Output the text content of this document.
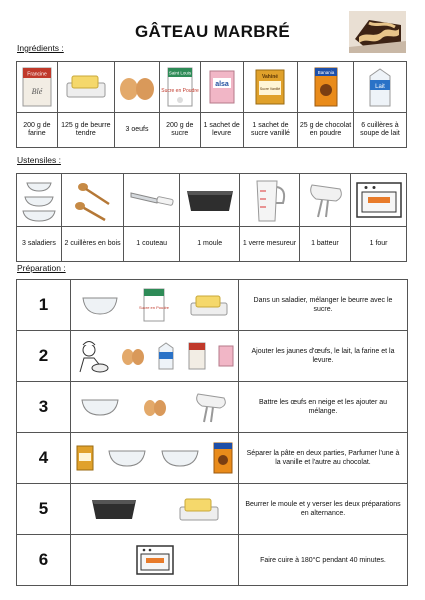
GÂTEAU MARBRÉ
Ingrédients :
Francine
Blé			Saint Louis
Sucre en Poudre	alsa	Vahiné
Sucre Vanillé	Banania	Lait

200 g de farine	125 g de beurre tendre	3 oeufs	200 g de sucre	1 sachet de levure	1 sachet de sucre vanillé	25 g de chocolat en poudre	6 cuillères à soupe de lait
Ustensiles :

3 saladiers	2 cuillères en bois	1 couteau	1 moule	1 verre mesureur	1 batteur	1 four
Préparation :
1	Sucre en Poudre	Dans un saladier, mélanger le beurre avec le sucre.
2		Ajouter les jaunes d'œufs, le lait, la farine et la levure.
3		Battre les œufs en neige et les ajouter au mélange.
4		Séparer la pâte en deux parties, Parfumer l'une à la vanille et l'autre au chocolat.
5		Beurrer le moule et y verser les deux préparations en alternance.
6		Faire cuire à 180°C pendant 40 minutes.
